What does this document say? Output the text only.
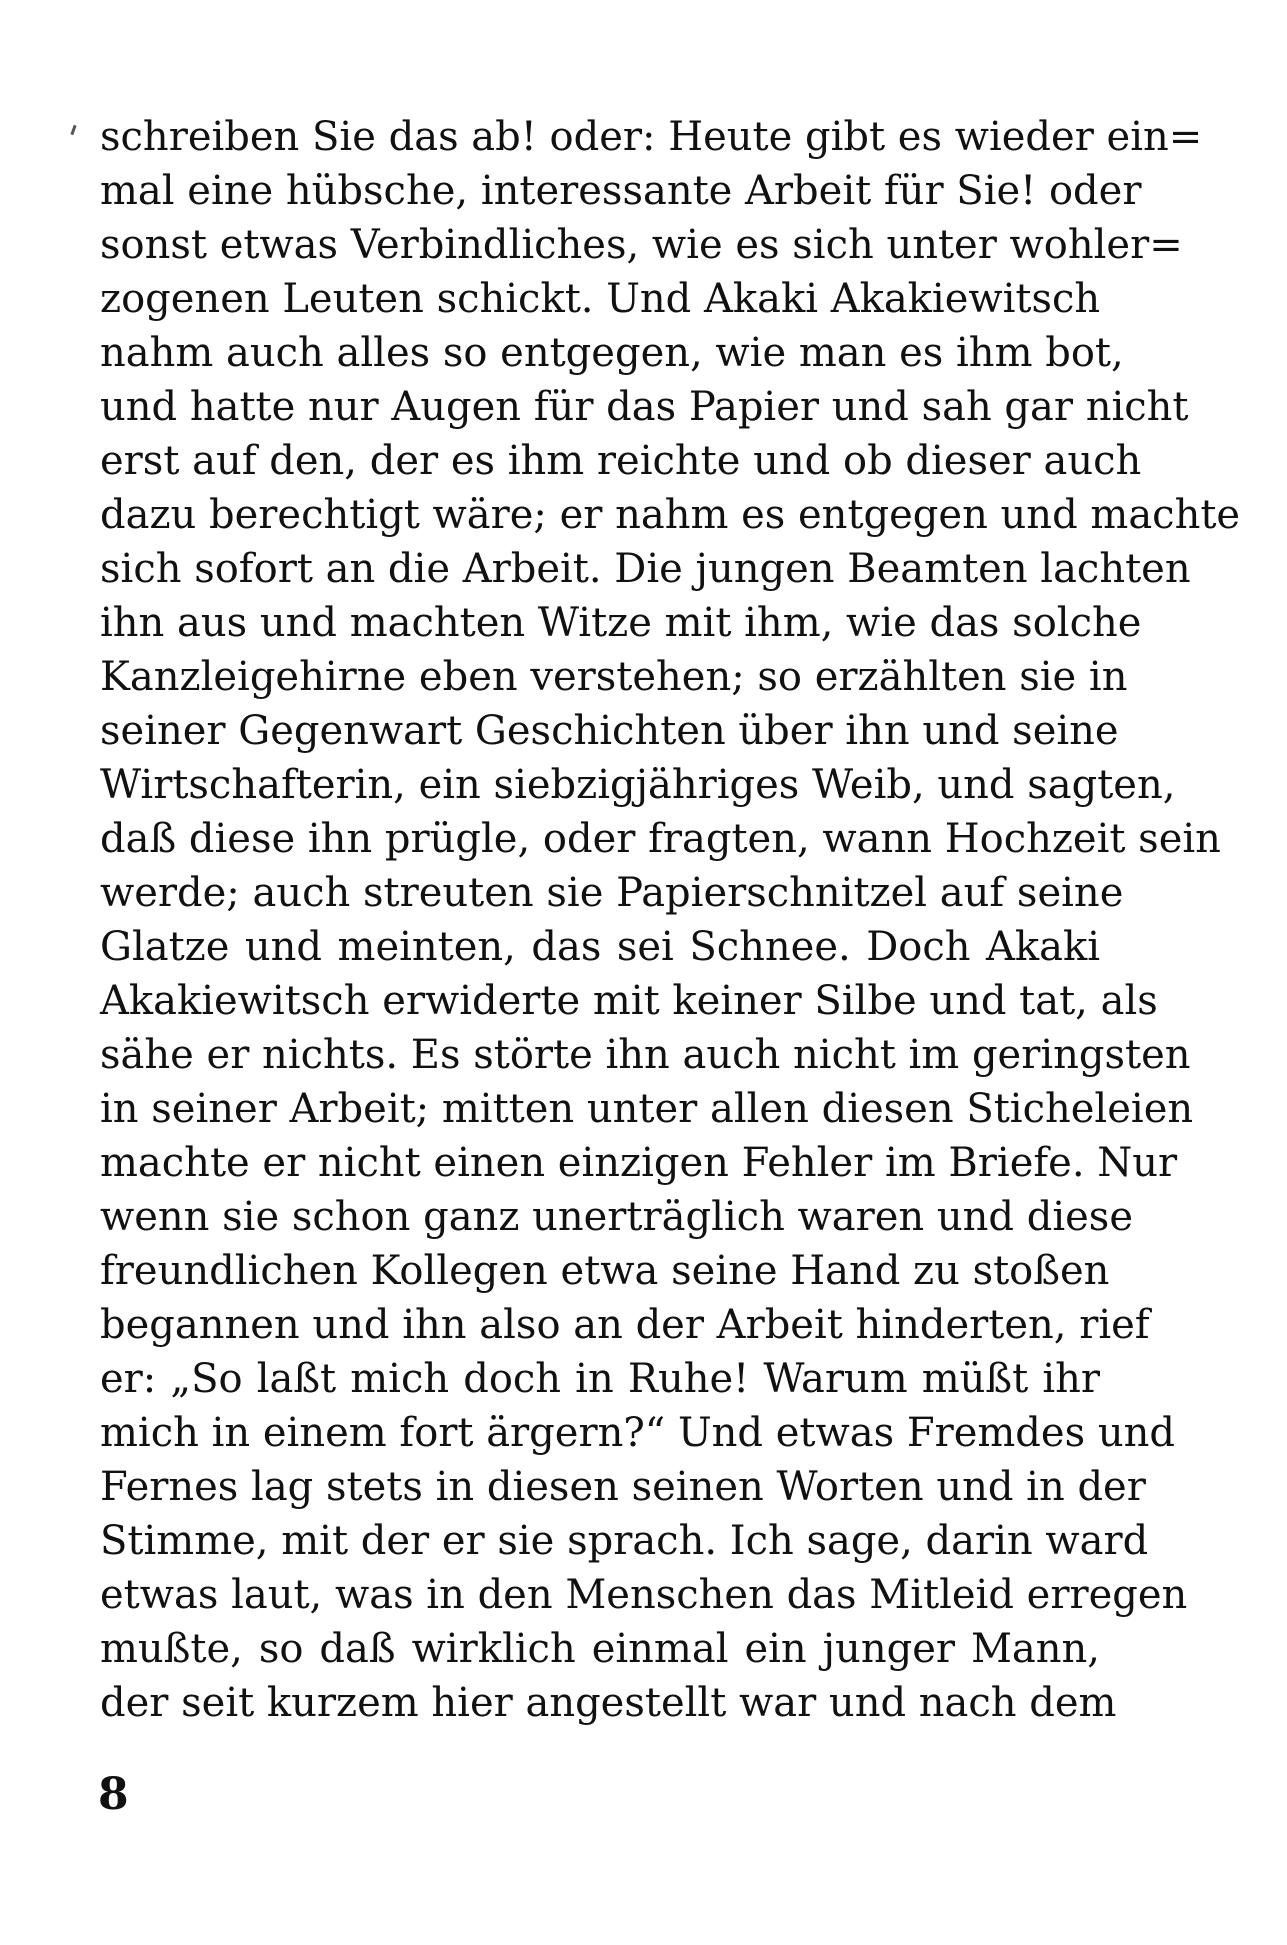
schreiben Sie das ab! oder: Heute gibt es wieder ein=
mal eine hübsche, interessante Arbeit für Sie! oder
sonst etwas Verbindliches, wie es sich unter wohler=
zogenen Leuten schickt. Und Akaki Akakiewitsch
nahm auch alles so entgegen, wie man es ihm bot,
und hatte nur Augen für das Papier und sah gar nicht
erst auf den, der es ihm reichte und ob dieser auch
dazu berechtigt wäre; er nahm es entgegen und machte
sich sofort an die Arbeit. Die jungen Beamten lachten
ihn aus und machten Witze mit ihm, wie das solche
Kanzleigehirne eben verstehen; so erzählten sie in
seiner Gegenwart Geschichten über ihn und seine
Wirtschafterin, ein siebzigjähriges Weib, und sagten,
daß diese ihn prügle, oder fragten, wann Hochzeit sein
werde; auch streuten sie Papierschnitzel auf seine
Glatze und meinten, das sei Schnee. Doch Akaki
Akakiewitsch erwiderte mit keiner Silbe und tat, als
sähe er nichts. Es störte ihn auch nicht im geringsten
in seiner Arbeit; mitten unter allen diesen Sticheleien
machte er nicht einen einzigen Fehler im Briefe. Nur
wenn sie schon ganz unerträglich waren und diese
freundlichen Kollegen etwa seine Hand zu stoßen
begannen und ihn also an der Arbeit hinderten, rief
er: „So laßt mich doch in Ruhe! Warum müßt ihr
mich in einem fort ärgern?“ Und etwas Fremdes und
Fernes lag stets in diesen seinen Worten und in der
Stimme, mit der er sie sprach. Ich sage, darin ward
etwas laut, was in den Menschen das Mitleid erregen
mußte, so daß wirklich einmal ein junger Mann,
der seit kurzem hier angestellt war und nach dem
8
